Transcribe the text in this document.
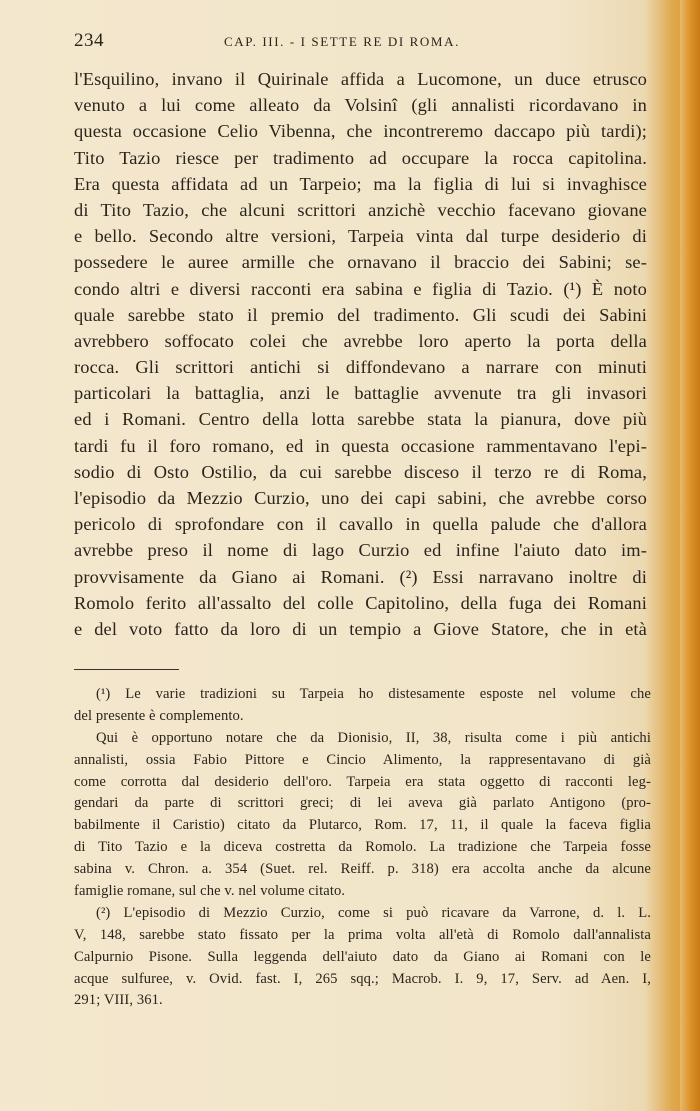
234	CAP. III. - I SETTE RE DI ROMA.
l'Esquilino, invano il Quirinale affida a Lucomone, un duce etrusco
venuto a lui come alleato da Volsinî (gli annalisti ricordavano in
questa occasione Celio Vibenna, che incontreremo daccapo più tardi);
Tito Tazio riesce per tradimento ad occupare la rocca capitolina.
Era questa affidata ad un Tarpeio; ma la figlia di lui si invaghisce
di Tito Tazio, che alcuni scrittori anzichè vecchio facevano giovane
e bello. Secondo altre versioni, Tarpeia vinta dal turpe desiderio di
possedere le auree armille che ornavano il braccio dei Sabini; se-
condo altri e diversi racconti era sabina e figlia di Tazio. (¹) È noto
quale sarebbe stato il premio del tradimento. Gli scudi dei Sabini
avrebbero soffocato colei che avrebbe loro aperto la porta della
rocca. Gli scrittori antichi si diffondevano a narrare con minuti
particolari la battaglia, anzi le battaglie avvenute tra gli invasori
ed i Romani. Centro della lotta sarebbe stata la pianura, dove più
tardi fu il foro romano, ed in questa occasione rammentavano l'epi-
sodio di Osto Ostilio, da cui sarebbe disceso il terzo re di Roma,
l'episodio da Mezzio Curzio, uno dei capi sabini, che avrebbe corso
pericolo di sprofondare con il cavallo in quella palude che d'allora
avrebbe preso il nome di lago Curzio ed infine l'aiuto dato im-
provvisamente da Giano ai Romani. (²) Essi narravano inoltre di
Romolo ferito all'assalto del colle Capitolino, della fuga dei Romani
e del voto fatto da loro di un tempio a Giove Statore, che in età
(¹) Le varie tradizioni su Tarpeia ho distesamente esposte nel volume che
del presente è complemento.
Qui è opportuno notare che da Dionisio, II, 38, risulta come i più antichi
annalisti, ossia Fabio Pittore e Cincio Alimento, la rappresentavano di già
come corrotta dal desiderio dell'oro. Tarpeia era stata oggetto di racconti leg-
gendari da parte di scrittori greci; di lei aveva già parlato Antigono (pro-
babilmente il Caristio) citato da Plutarco, Rom. 17, 11, il quale la faceva figlia
di Tito Tazio e la diceva costretta da Romolo. La tradizione che Tarpeia fosse
sabina v. Chron. a. 354 (Suet. rel. Reiff. p. 318) era accolta anche da alcune
famiglie romane, sul che v. nel volume citato.
(²) L'episodio di Mezzio Curzio, come si può ricavare da Varrone, d. l. L.
V, 148, sarebbe stato fissato per la prima volta all'età di Romolo dall'annalista
Calpurnio Pisone. Sulla leggenda dell'aiuto dato da Giano ai Romani con le
acque sulfuree, v. Ovid. fast. I, 265 sqq.; Macrob. I. 9, 17, Serv. ad Aen. I,
291; VIII, 361.
